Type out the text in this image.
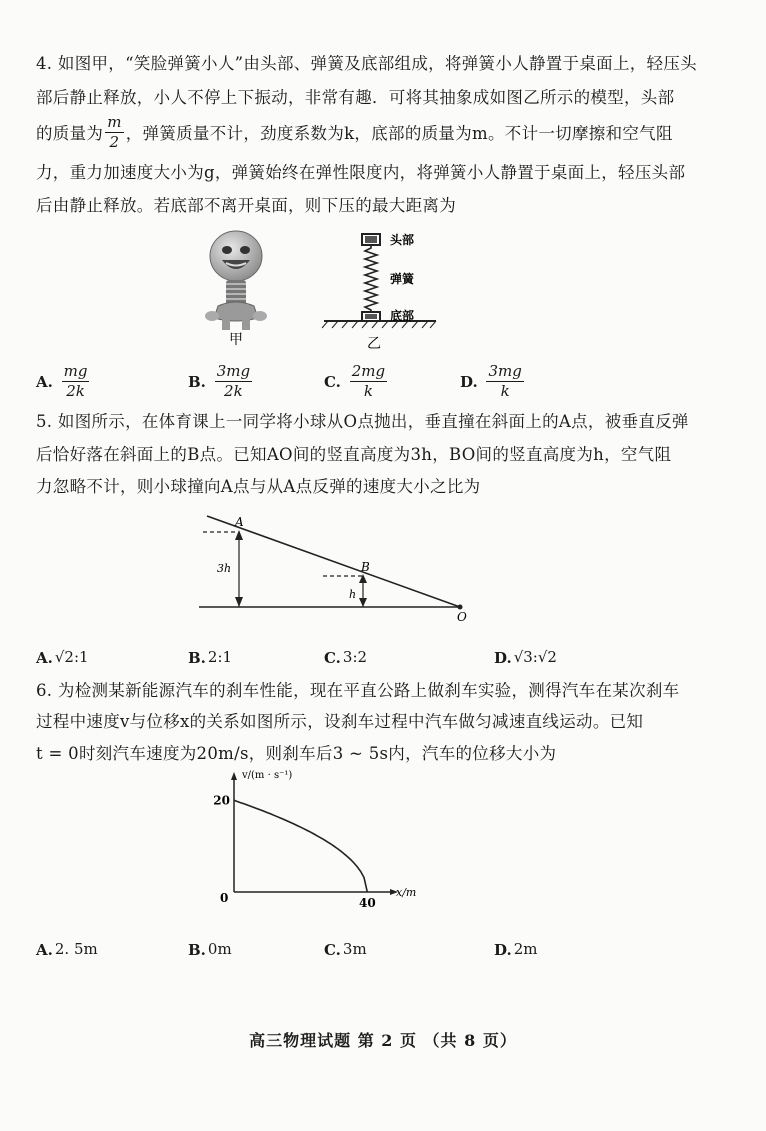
4. 如图甲，“笑脸弹簧小人”由头部、弹簧及底部组成，将弹簧小人静置于桌面上，轻压头
部后静止释放，小人不停上下振动，非常有趣．可将其抽象成如图乙所示的模型，头部
的质量为 $\frac{m}{2}$ ，弹簧质量不计，劲度系数为k，底部的质量为m。不计一切摩擦和空气阻
力，重力加速度大小为g，弹簧始终在弹性限度内，将弹簧小人静置于桌面上，轻压头部
后由静止释放。若底部不离开桌面，则下压的最大距离为
甲
头部
弹簧
底部
乙
A. $\frac{mg}{2k}$	B. $\frac{3mg}{2k}$	C. $\frac{2mg}{k}$	D. $\frac{3mg}{k}$
5. 如图所示，在体育课上一同学将小球从O点抛出，垂直撞在斜面上的A点，被垂直反弹
后恰好落在斜面上的B点。已知AO间的竖直高度为3h，BO间的竖直高度为h，空气阻
力忽略不计，则小球撞向A点与从A点反弹的速度大小之比为
A
B
O
3h
h
A. √2:1	B. 2:1	C. 3:2	D. √3:√2
6. 为检测某新能源汽车的刹车性能，现在平直公路上做刹车实验，测得汽车在某次刹车
过程中速度v与位移x的关系如图所示，设刹车过程中汽车做匀减速直线运动。已知
t = 0时刻汽车速度为20m/s，则刹车后3 ~ 5s内，汽车的位移大小为
v/(m · s⁻¹)
x/m
0
20
40
A. 2. 5m	B. 0m	C. 3m	D. 2m
高三物理试题 第 2 页 （共 8 页）
